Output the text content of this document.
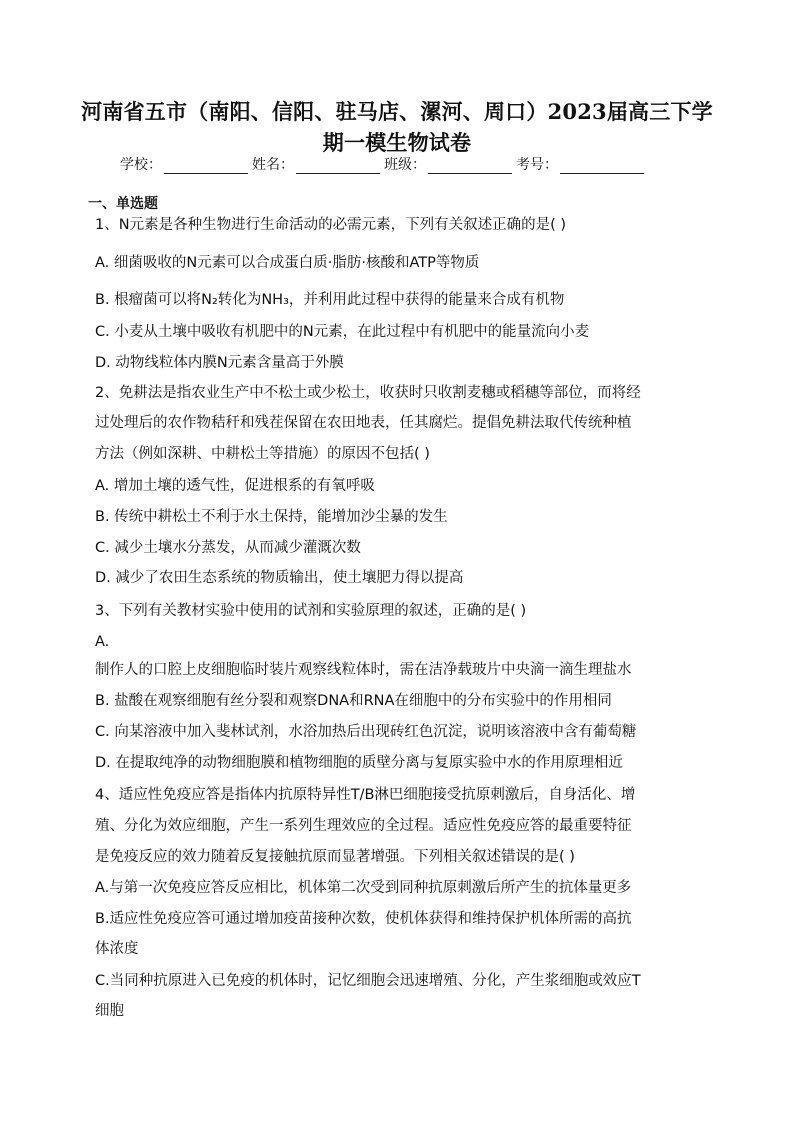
河南省五市（南阳、信阳、驻马店、漯河、周口）2023届高三下学
期一模生物试卷
学校：	姓名：	班级：	考号：
一、单选题
1、N元素是各种生物进行生命活动的必需元素，下列有关叙述正确的是( )
A. 细菌吸收的N元素可以合成蛋白质·脂肪·核酸和ATP等物质
B. 根瘤菌可以将N₂转化为NH₃，并利用此过程中获得的能量来合成有机物
C. 小麦从土壤中吸收有机肥中的N元素，在此过程中有机肥中的能量流向小麦
D. 动物线粒体内膜N元素含量高于外膜
2、免耕法是指农业生产中不松土或少松土，收获时只收割麦穗或稻穗等部位，而将经
过处理后的农作物秸秆和残茬保留在农田地表，任其腐烂。提倡免耕法取代传统种植
方法（例如深耕、中耕松土等措施）的原因不包括( )
A. 增加土壤的透气性，促进根系的有氧呼吸
B. 传统中耕松土不利于水土保持，能增加沙尘暴的发生
C. 减少土壤水分蒸发，从而减少灌溉次数
D. 减少了农田生态系统的物质输出，使土壤肥力得以提高
3、下列有关教材实验中使用的试剂和实验原理的叙述，正确的是( )
A.
制作人的口腔上皮细胞临时装片观察线粒体时，需在洁净载玻片中央滴一滴生理盐水
B. 盐酸在观察细胞有丝分裂和观察DNA和RNA在细胞中的分布实验中的作用相同
C. 向某溶液中加入斐林试剂，水浴加热后出现砖红色沉淀，说明该溶液中含有葡萄糖
D. 在提取纯净的动物细胞膜和植物细胞的质壁分离与复原实验中水的作用原理相近
4、适应性免疫应答是指体内抗原特异性T/B淋巴细胞接受抗原刺激后，自身活化、增
殖、分化为效应细胞，产生一系列生理效应的全过程。适应性免疫应答的最重要特征
是免疫反应的效力随着反复接触抗原而显著增强。下列相关叙述错误的是( )
A.与第一次免疫应答反应相比，机体第二次受到同种抗原刺激后所产生的抗体量更多
B.适应性免疫应答可通过增加疫苗接种次数，使机体获得和维持保护机体所需的高抗
体浓度
C.当同种抗原进入已免疫的机体时，记忆细胞会迅速增殖、分化，产生浆细胞或效应T
细胞
